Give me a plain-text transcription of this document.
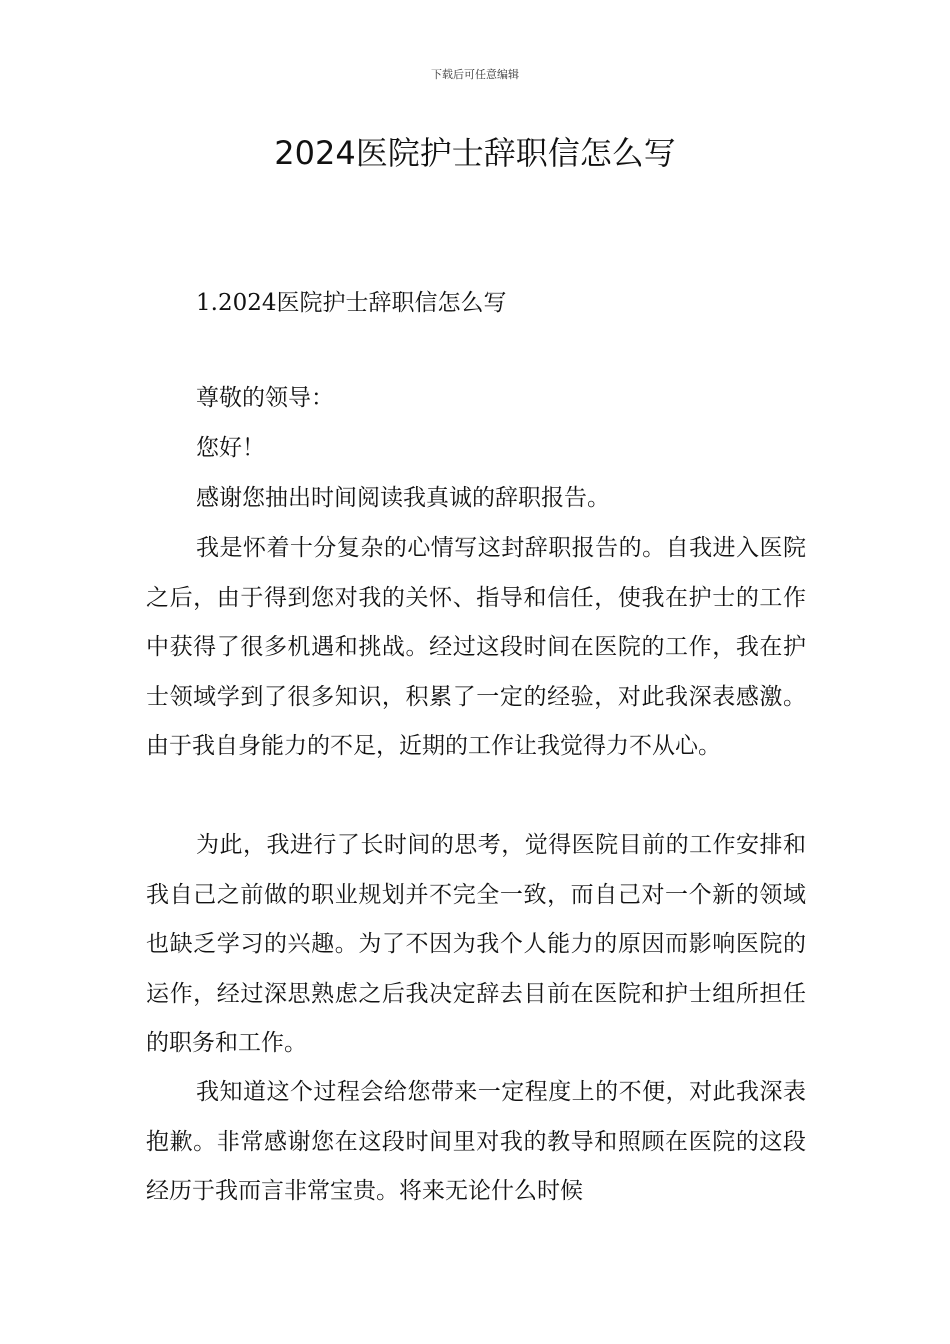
下载后可任意编辑
2024医院护士辞职信怎么写
1.2024医院护士辞职信怎么写

尊敬的领导：

您好！

感谢您抽出时间阅读我真诚的辞职报告。

我是怀着十分复杂的心情写这封辞职报告的。自我进入医院之后，由于得到您对我的关怀、指导和信任，使我在护士的工作中获得了很多机遇和挑战。经过这段时间在医院的工作，我在护士领域学到了很多知识，积累了一定的经验，对此我深表感激。由于我自身能力的不足，近期的工作让我觉得力不从心。

为此，我进行了长时间的思考，觉得医院目前的工作安排和我自己之前做的职业规划并不完全一致，而自己对一个新的领域也缺乏学习的兴趣。为了不因为我个人能力的原因而影响医院的运作，经过深思熟虑之后我决定辞去目前在医院和护士组所担任的职务和工作。

我知道这个过程会给您带来一定程度上的不便，对此我深表抱歉。非常感谢您在这段时间里对我的教导和照顾在医院的这段经历于我而言非常宝贵。将来无论什么时候
